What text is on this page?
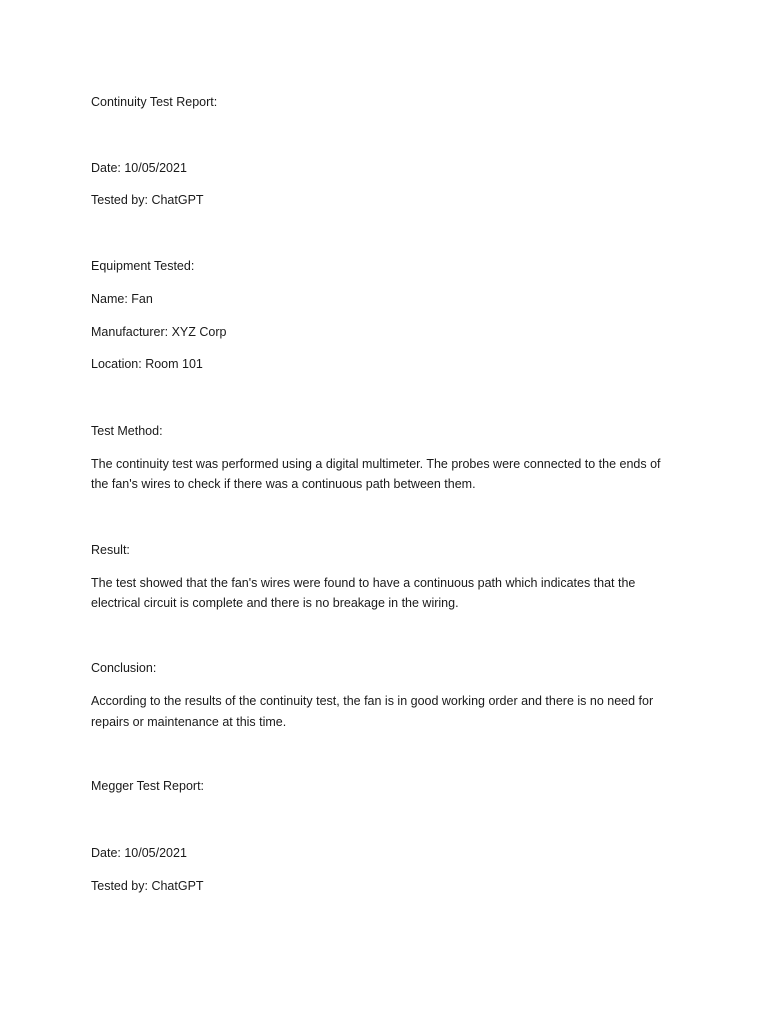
Continuity Test Report:
Date: 10/05/2021
Tested by: ChatGPT
Equipment Tested:
Name: Fan
Manufacturer: XYZ Corp
Location: Room 101
Test Method:
The continuity test was performed using a digital multimeter. The probes were connected to the ends of
the fan's wires to check if there was a continuous path between them.
Result:
The test showed that the fan's wires were found to have a continuous path which indicates that the
electrical circuit is complete and there is no breakage in the wiring.
Conclusion:
According to the results of the continuity test, the fan is in good working order and there is no need for
repairs or maintenance at this time.
Megger Test Report:
Date: 10/05/2021
Tested by: ChatGPT
